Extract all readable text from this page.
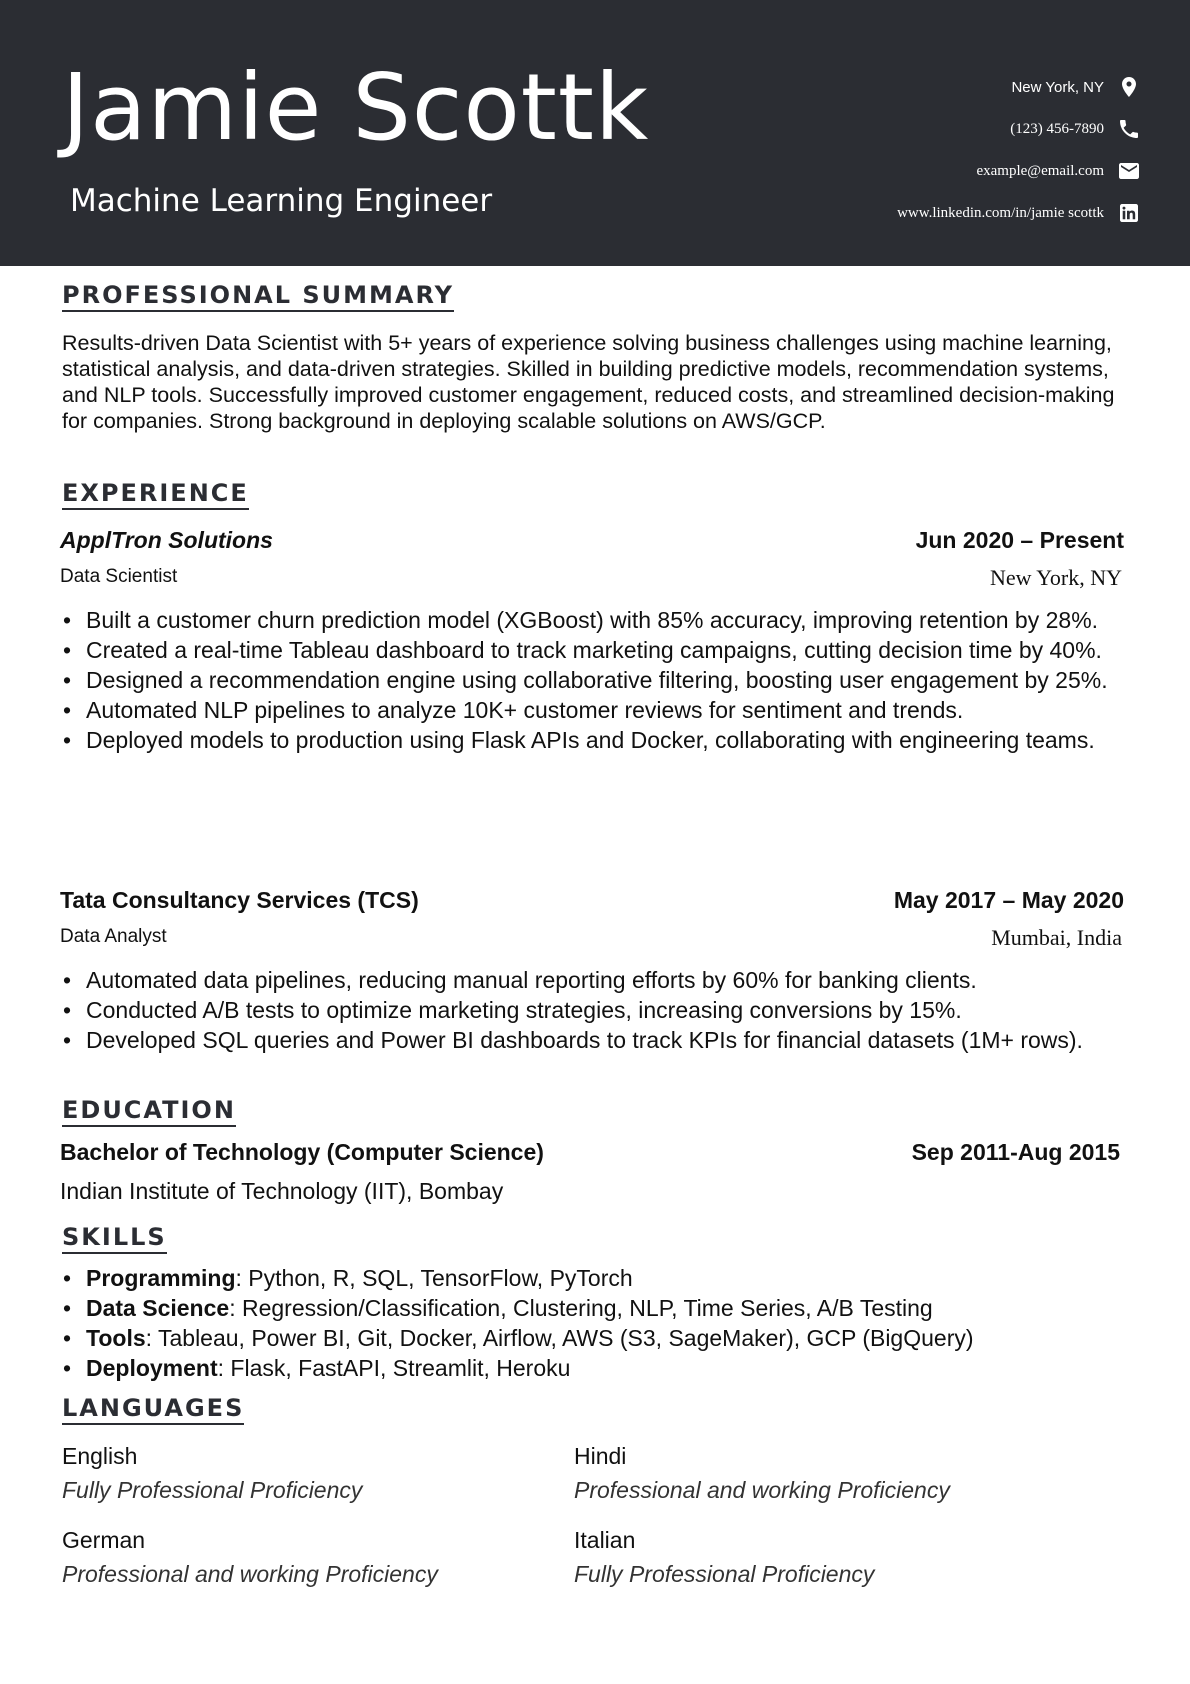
Jamie Scottk
Machine Learning Engineer
New York, NY
(123) 456-7890
example@email.com
www.linkedin.com/in/jamie scottk
PROFESSIONAL SUMMARY
Results-driven Data Scientist with 5+ years of experience solving business challenges using machine learning, statistical analysis, and data-driven strategies. Skilled in building predictive models, recommendation systems, and NLP tools. Successfully improved customer engagement, reduced costs, and streamlined decision-making for companies. Strong background in deploying scalable solutions on AWS/GCP.
EXPERIENCE
ApplTron Solutions	Jun 2020 – Present
Data Scientist	New York, NY
• Built a customer churn prediction model (XGBoost) with 85% accuracy, improving retention by 28%.
• Created a real-time Tableau dashboard to track marketing campaigns, cutting decision time by 40%.
• Designed a recommendation engine using collaborative filtering, boosting user engagement by 25%.
• Automated NLP pipelines to analyze 10K+ customer reviews for sentiment and trends.
• Deployed models to production using Flask APIs and Docker, collaborating with engineering teams.
Tata Consultancy Services (TCS)	May 2017 – May 2020
Data Analyst	Mumbai, India
• Automated data pipelines, reducing manual reporting efforts by 60% for banking clients.
• Conducted A/B tests to optimize marketing strategies, increasing conversions by 15%.
• Developed SQL queries and Power BI dashboards to track KPIs for financial datasets (1M+ rows).
EDUCATION
Bachelor of Technology (Computer Science)	Sep 2011-Aug 2015
Indian Institute of Technology (IIT), Bombay
SKILLS
• Programming: Python, R, SQL, TensorFlow, PyTorch
• Data Science: Regression/Classification, Clustering, NLP, Time Series, A/B Testing
• Tools: Tableau, Power BI, Git, Docker, Airflow, AWS (S3, SageMaker), GCP (BigQuery)
• Deployment: Flask, FastAPI, Streamlit, Heroku
LANGUAGES
English
Fully Professional Proficiency
Hindi
Professional and working Proficiency
German
Professional and working Proficiency
Italian
Fully Professional Proficiency
